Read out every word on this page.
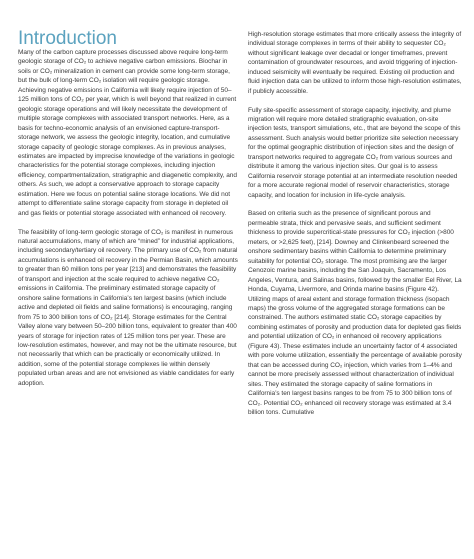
Introduction

Many of the carbon capture processes discussed above require long-term geologic storage of CO₂ to achieve negative carbon emissions. Biochar in soils or CO₂ mineralization in cement can provide some long-term storage, but the bulk of long-term CO₂ isolation will require geologic storage. Achieving negative emissions in California will likely require injection of 50–125 million tons of CO₂ per year, which is well beyond that realized in current geologic storage operations and will likely necessitate the development of multiple storage complexes with associated transport networks. Here, as a basis for techno-economic analysis of an envisioned capture-transport-storage network, we assess the geologic integrity, location, and cumulative storage capacity of geologic storage complexes. As in previous analyses, estimates are impacted by imprecise knowledge of the variations in geologic characteristics for the potential storage complexes, including injection efficiency, compartmentalization, stratigraphic and diagenetic complexity, and others. As such, we adopt a conservative approach to storage capacity estimation. Here we focus on potential saline storage locations. We did not attempt to differentiate saline storage capacity from storage in depleted oil and gas fields or potential storage associated with enhanced oil recovery.

The feasibility of long-term geologic storage of CO₂ is manifest in numerous natural accumulations, many of which are “mined” for industrial applications, including secondary/tertiary oil recovery. The primary use of CO₂ from natural accumulations is enhanced oil recovery in the Permian Basin, which amounts to greater than 60 million tons per year [213] and demonstrates the feasibility of transport and injection at the scale required to achieve negative CO₂ emissions in California. The preliminary estimated storage capacity of onshore saline formations in California’s ten largest basins (which include active and depleted oil fields and saline formations) is encouraging, ranging from 75 to 300 billion tons of CO₂ [214]. Storage estimates for the Central Valley alone vary between 50–200 billion tons, equivalent to greater than 400 years of storage for injection rates of 125 million tons per year. These are low-resolution estimates, however, and may not be the ultimate resource, but not necessarily that which can be practically or economically utilized. In addition, some of the potential storage complexes lie within densely populated urban areas and are not envisioned as viable candidates for early adoption.

High-resolution storage estimates that more critically assess the integrity of individual storage complexes in terms of their ability to sequester CO₂ without significant leakage over decadal or longer timeframes, prevent contamination of groundwater resources, and avoid triggering of injection-induced seismicity will eventually be required. Existing oil production and fluid injection data can be utilized to inform those high-resolution estimates, if publicly accessible.

Fully site-specific assessment of storage capacity, injectivity, and plume migration will require more detailed stratigraphic evaluation, on-site injection tests, transport simulations, etc., that are beyond the scope of this assessment. Such analysis would better prioritize site selection necessary for the optimal geographic distribution of injection sites and the design of transport networks required to aggregate CO₂ from various sources and distribute it among the various injection sites. Our goal is to assess California reservoir storage potential at an intermediate resolution needed for a more accurate regional model of reservoir characteristics, storage capacity, and location for inclusion in life-cycle analysis.

Based on criteria such as the presence of significant porous and permeable strata, thick and pervasive seals, and sufficient sediment thickness to provide supercritical-state pressures for CO₂ injection (>800 meters, or >2,625 feet), [214]. Downey and Clinkenbeard screened the onshore sedimentary basins within California to determine preliminary suitability for potential CO₂ storage. The most promising are the larger Cenozoic marine basins, including the San Joaquin, Sacramento, Los Angeles, Ventura, and Salinas basins, followed by the smaller Eel River, La Honda, Cuyama, Livermore, and Orinda marine basins (Figure 42). Utilizing maps of areal extent and storage formation thickness (isopach maps) the gross volume of the aggregated storage formations can be constrained. The authors estimated static CO₂ storage capacities by combining estimates of porosity and production data for depleted gas fields and potential utilization of CO₂ in enhanced oil recovery applications (Figure 43). These estimates include an uncertainty factor of 4 associated with pore volume utilization, essentially the percentage of available porosity that can be accessed during CO₂ injection, which varies from 1–4% and cannot be more precisely assessed without characterization of individual sites. They estimated the storage capacity of saline formations in California’s ten largest basins ranges to be from 75 to 300 billion tons of CO₂. Potential CO₂ enhanced oil recovery storage was estimated at 3.4 billion tons. Cumulative
